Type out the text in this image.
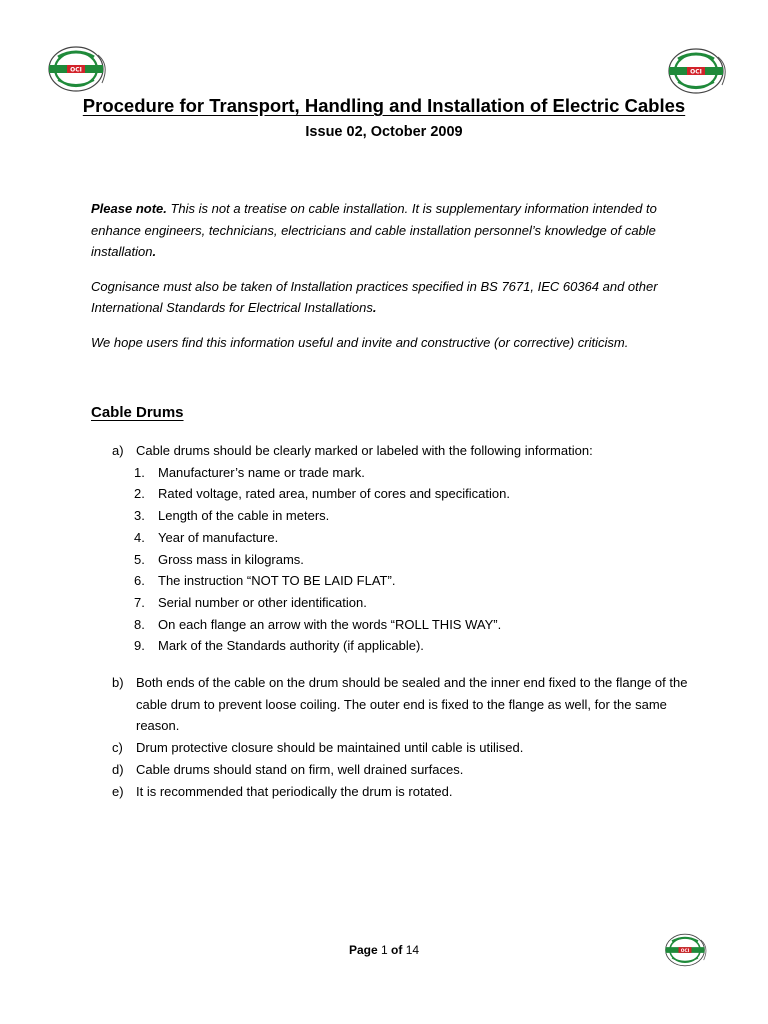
Procedure for Transport, Handling and Installation of Electric Cables
Issue 02, October 2009

Please note. This is not a treatise on cable installation. It is supplementary information intended to enhance engineers, technicians, electricians and cable installation personnel’s knowledge of cable installation.

Cognisance must also be taken of Installation practices specified in BS 7671, IEC 60364 and other International Standards for Electrical Installations.

We hope users find this information useful and invite and constructive (or corrective) criticism.

Cable Drums
a) Cable drums should be clearly marked or labeled with the following information:
1.	Manufacturer’s name or trade mark.
2.	Rated voltage, rated area, number of cores and specification.
3.	Length of the cable in meters.
4.	Year of manufacture.
5.	Gross mass in kilograms.
6.	The instruction “NOT TO BE LAID FLAT”.
7.	Serial number or other identification.
8.	On each flange an arrow with the words “ROLL THIS WAY”.
9.	Mark of the Standards authority (if applicable).
b) Both ends of the cable on the drum should be sealed and the inner end fixed to the flange of the cable drum to prevent loose coiling. The outer end is fixed to the flange as well, for the same reason.
c)	Drum protective closure should be maintained until cable is utilised.
d) Cable drums should stand on firm, well drained surfaces.
e) It is recommended that periodically the drum is rotated.
Page 1 of 14
